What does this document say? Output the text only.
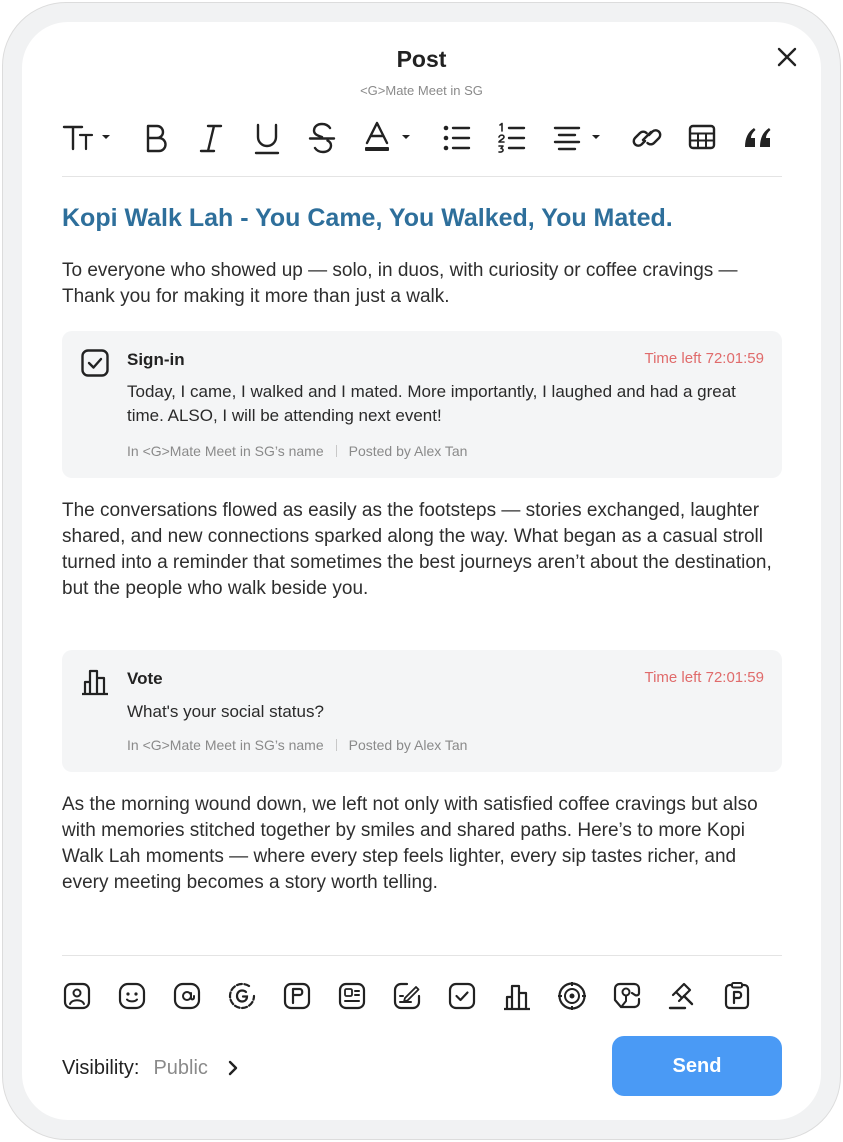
Post
<G>Mate Meet in SG
Kopi Walk Lah - You Came, You Walked, You Mated.
To everyone who showed up — solo, in duos, with curiosity or coffee cravings — Thank you for making it more than just a walk.
Sign-in	Time left 72:01:59
Today, I came, I walked and I mated. More importantly, I laughed and had a great time. ALSO, I will be attending next event!
In <G>Mate Meet in SG’s name Posted by Alex Tan
The conversations flowed as easily as the footsteps — stories exchanged, laughter shared, and new connections sparked along the way. What began as a casual stroll turned into a reminder that sometimes the best journeys aren’t about the destination, but the people who walk beside you.
Vote	Time left 72:01:59
What's your social status?
In <G>Mate Meet in SG’s name Posted by Alex Tan
As the morning wound down, we left not only with satisfied coffee cravings but also with memories stitched together by smiles and shared paths. Here’s to more Kopi Walk Lah moments — where every step feels lighter, every sip tastes richer, and every meeting becomes a story worth telling.
Visibility: Public	Send
